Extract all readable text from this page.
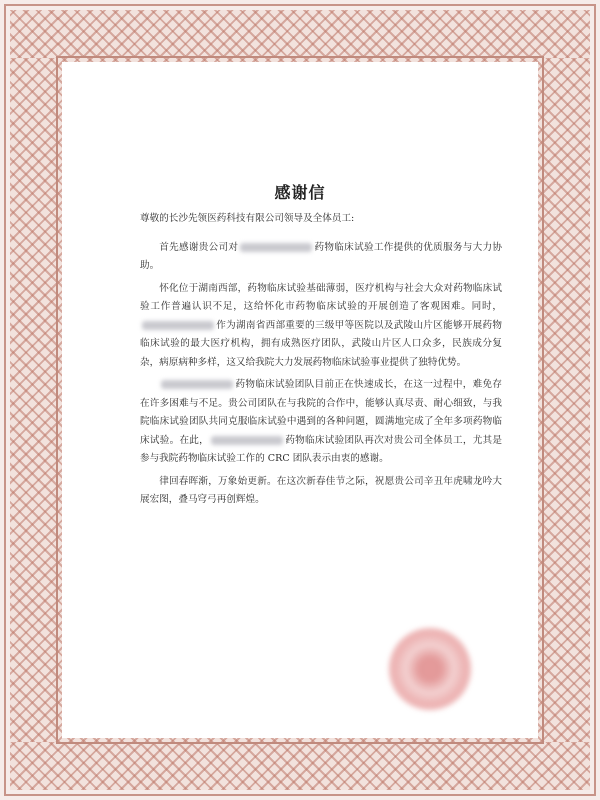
感谢信

尊敬的长沙先领医药科技有限公司领导及全体员工:

首先感谢贵公司对	药物临床试验工作提供的优质服务与大力协助。

怀化位于湖南西部，药物临床试验基础薄弱，医疗机构与社会大众对药物临床试验工作普遍认识不足，这给怀化市药物临床试验的开展创造了客观困难。同时，作为湖南省西部重要的三级甲等医院以及武陵山片区能够开展药物临床试验的最大医疗机构，拥有成熟医疗团队，武陵山片区人口众多，民族成分复杂，病原病种多样，这又给我院大力发展药物临床试验事业提供了独特优势。

药物临床试验团队目前正在快速成长，在这一过程中，难免存在许多困难与不足。贵公司团队在与我院的合作中，能够认真尽责、耐心细致，与我院临床试验团队共同克服临床试验中遇到的各种问题，圆满地完成了全年多项药物临床试验。在此，	药物临床试验团队再次对贵公司全体员工，尤其是参与我院药物临床试验工作的 CRC 团队表示由衷的感谢。

律回春晖渐，万象始更新。在这次新春佳节之际，祝愿贵公司辛丑年虎啸龙吟大展宏图，叠马穹弓再创辉煌。
